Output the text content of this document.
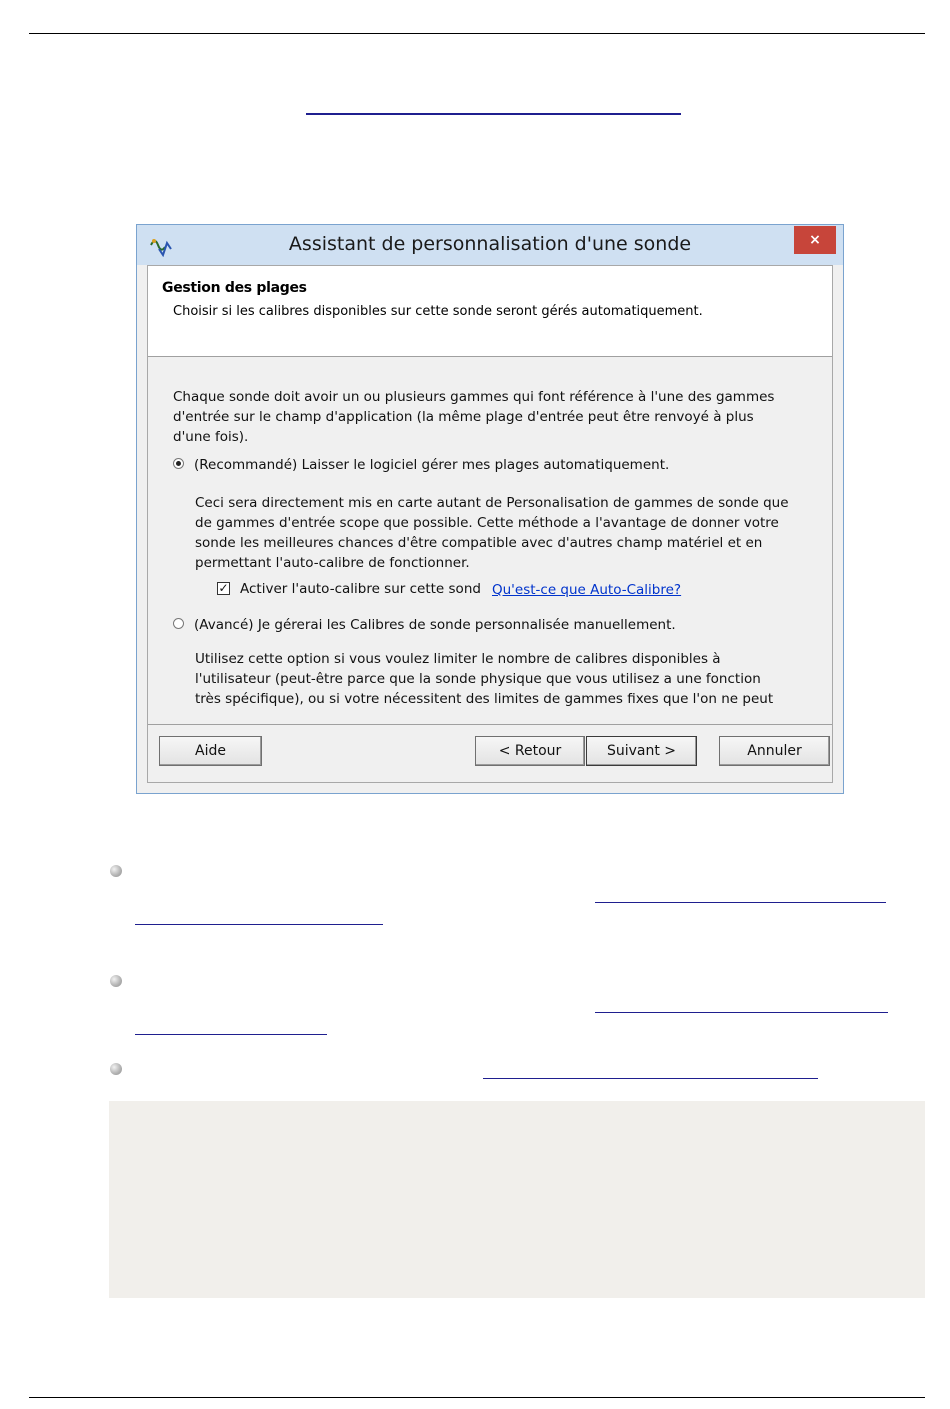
Assistant de personnalisation d'une sonde	×
Gestion des plages
Choisir si les calibres disponibles sur cette sonde seront gérés automatiquement.
Chaque sonde doit avoir un ou plusieurs gammes qui font référence à l'une des gammes
d'entrée sur le champ d'application (la même plage d'entrée peut être renvoyé à plus
d'une fois).
(Recommandé) Laisser le logiciel gérer mes plages automatiquement.
Ceci sera directement mis en carte autant de Personalisation de gammes de sonde que
de gammes d'entrée scope que possible. Cette méthode a l'avantage de donner votre
sonde les meilleures chances d'être compatible avec d'autres champ matériel et en
permettant l'auto-calibre de fonctionner.
✓ Activer l'auto-calibre sur cette sond Qu'est-ce que Auto-Calibre?
(Avancé) Je gérerai les Calibres de sonde personnalisée manuellement.
Utilisez cette option si vous voulez limiter le nombre de calibres disponibles à
l'utilisateur (peut-être parce que la sonde physique que vous utilisez a une fonction
très spécifique), ou si votre nécessitent des limites de gammes fixes que l'on ne peut
Aide	< Retour	Suivant >	Annuler
